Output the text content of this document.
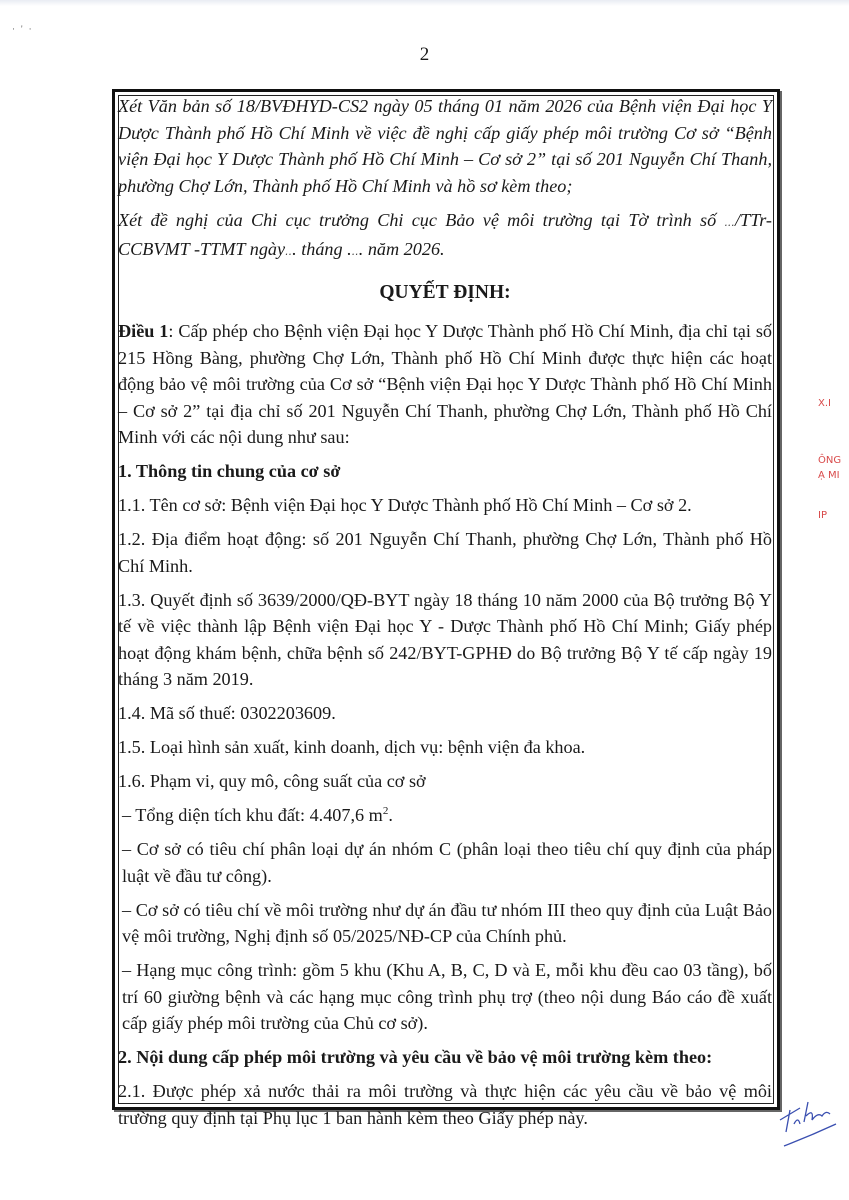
·'·
2

Xét Văn bản số 18/BVĐHYD-CS2 ngày 05 tháng 01 năm 2026 của Bệnh viện Đại học Y Dược Thành phố Hồ Chí Minh về việc đề nghị cấp giấy phép môi trường Cơ sở “Bệnh viện Đại học Y Dược Thành phố Hồ Chí Minh – Cơ sở 2” tại số 201 Nguyễn Chí Thanh, phường Chợ Lớn, Thành phố Hồ Chí Minh và hồ sơ kèm theo;

Xét đề nghị của Chi cục trưởng Chi cục Bảo vệ môi trường tại Tờ trình số .../TTr-CCBVMT -TTMT ngày... tháng .... năm 2026.

QUYẾT ĐỊNH:

Điều 1: Cấp phép cho Bệnh viện Đại học Y Dược Thành phố Hồ Chí Minh, địa chỉ tại số 215 Hồng Bàng, phường Chợ Lớn, Thành phố Hồ Chí Minh được thực hiện các hoạt động bảo vệ môi trường của Cơ sở “Bệnh viện Đại học Y Dược Thành phố Hồ Chí Minh – Cơ sở 2” tại địa chỉ số 201 Nguyễn Chí Thanh, phường Chợ Lớn, Thành phố Hồ Chí Minh với các nội dung như sau:

1. Thông tin chung của cơ sở

1.1. Tên cơ sở: Bệnh viện Đại học Y Dược Thành phố Hồ Chí Minh – Cơ sở 2.

1.2. Địa điểm hoạt động: số 201 Nguyễn Chí Thanh, phường Chợ Lớn, Thành phố Hồ Chí Minh.

1.3. Quyết định số 3639/2000/QĐ-BYT ngày 18 tháng 10 năm 2000 của Bộ trưởng Bộ Y tế về việc thành lập Bệnh viện Đại học Y - Dược Thành phố Hồ Chí Minh; Giấy phép hoạt động khám bệnh, chữa bệnh số 242/BYT-GPHĐ do Bộ trưởng Bộ Y tế cấp ngày 19 tháng 3 năm 2019.

1.4. Mã số thuế: 0302203609.

1.5. Loại hình sản xuất, kinh doanh, dịch vụ: bệnh viện đa khoa.

1.6. Phạm vi, quy mô, công suất của cơ sở

– Tổng diện tích khu đất: 4.407,6 $m^2$.

– Cơ sở có tiêu chí phân loại dự án nhóm C (phân loại theo tiêu chí quy định của pháp luật về đầu tư công).

– Cơ sở có tiêu chí về môi trường như dự án đầu tư nhóm III theo quy định của Luật Bảo vệ môi trường, Nghị định số 05/2025/NĐ-CP của Chính phủ.

– Hạng mục công trình: gồm 5 khu (Khu A, B, C, D và E, mỗi khu đều cao 03 tầng), bố trí 60 giường bệnh và các hạng mục công trình phụ trợ (theo nội dung Báo cáo đề xuất cấp giấy phép môi trường của Chủ cơ sở).

2. Nội dung cấp phép môi trường và yêu cầu về bảo vệ môi trường kèm theo:

2.1. Được phép xả nước thải ra môi trường và thực hiện các yêu cầu về bảo vệ môi trường quy định tại Phụ lục 1 ban hành kèm theo Giấy phép này.

X.I
ÔNG
Ạ MI
IP
